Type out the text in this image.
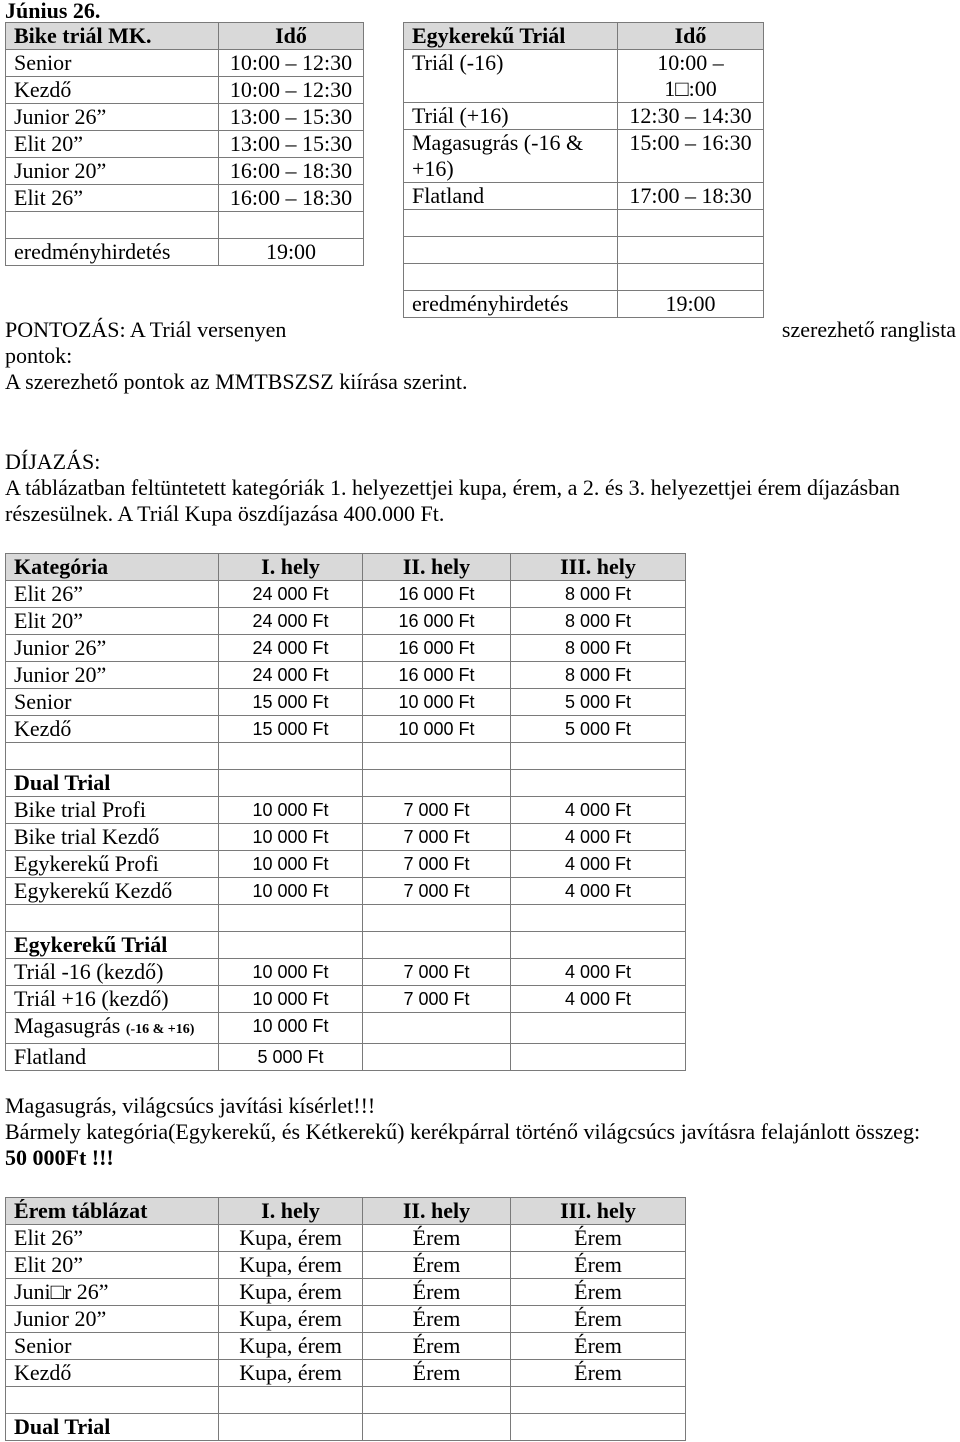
Június 26.
Bike triál MK.	Idő
Senior	10:00 – 12:30
Kezdő	10:00 – 12:30
Junior 26”	13:00 – 15:30
Elit 20”	13:00 – 15:30
Junior 20”	16:00 – 18:30
Elit 26”	16:00 – 18:30
eredményhirdetés	19:00
Egykerekű Triál	Idő
Triál (-16)	10:00 –
1□:00
Triál (+16)	12:30 – 14:30
Magasugrás (-16 &
+16)
15:00 – 16:30
Flatland	17:00 – 18:30
eredményhirdetés	19:00
PONTOZÁS: A Triál versenyen	szerezhető ranglista
pontok:
A szerezhető pontok az MMTBSZSZ kiírása szerint.
DÍJAZÁS:
A táblázatban feltüntetett kategóriák 1. helyezettjei kupa, érem, a 2. és 3. helyezettjei érem díjazásban
részesülnek. A Triál Kupa öszdíjazása 400.000 Ft.
Kategória	I. hely	II. hely	III. hely
Elit 26”	24 000 Ft	16 000 Ft	8 000 Ft
Elit 20”	24 000 Ft	16 000 Ft	8 000 Ft
Junior 26”	24 000 Ft	16 000 Ft	8 000 Ft
Junior 20”	24 000 Ft	16 000 Ft	8 000 Ft
Senior	15 000 Ft	10 000 Ft	5 000 Ft
Kezdő	15 000 Ft	10 000 Ft	5 000 Ft
Dual Trial
Bike trial Profi	10 000 Ft	7 000 Ft	4 000 Ft
Bike trial Kezdő	10 000 Ft	7 000 Ft	4 000 Ft
Egykerekű Profi	10 000 Ft	7 000 Ft	4 000 Ft
Egykerekű Kezdő	10 000 Ft	7 000 Ft	4 000 Ft
Egykerekű Triál
Triál -16 (kezdő)	10 000 Ft	7 000 Ft	4 000 Ft
Triál +16 (kezdő)	10 000 Ft	7 000 Ft	4 000 Ft
Magasugrás (-16 & +16)	10 000 Ft
Flatland	5 000 Ft
Magasugrás, világcsúcs javítási kísérlet!!!
Bármely kategória(Egykerekű, és Kétkerekű) kerékpárral történő világcsúcs javításra felajánlott összeg:
50 000Ft !!!
Érem táblázat	I. hely	II. hely	III. hely
Elit 26”	Kupa, érem	Érem	Érem
Elit 20”	Kupa, érem	Érem	Érem
Juni□r 26”	Kupa, érem	Érem	Érem
Junior 20”	Kupa, érem	Érem	Érem
Senior	Kupa, érem	Érem	Érem
Kezdő	Kupa, érem	Érem	Érem
Dual Trial
